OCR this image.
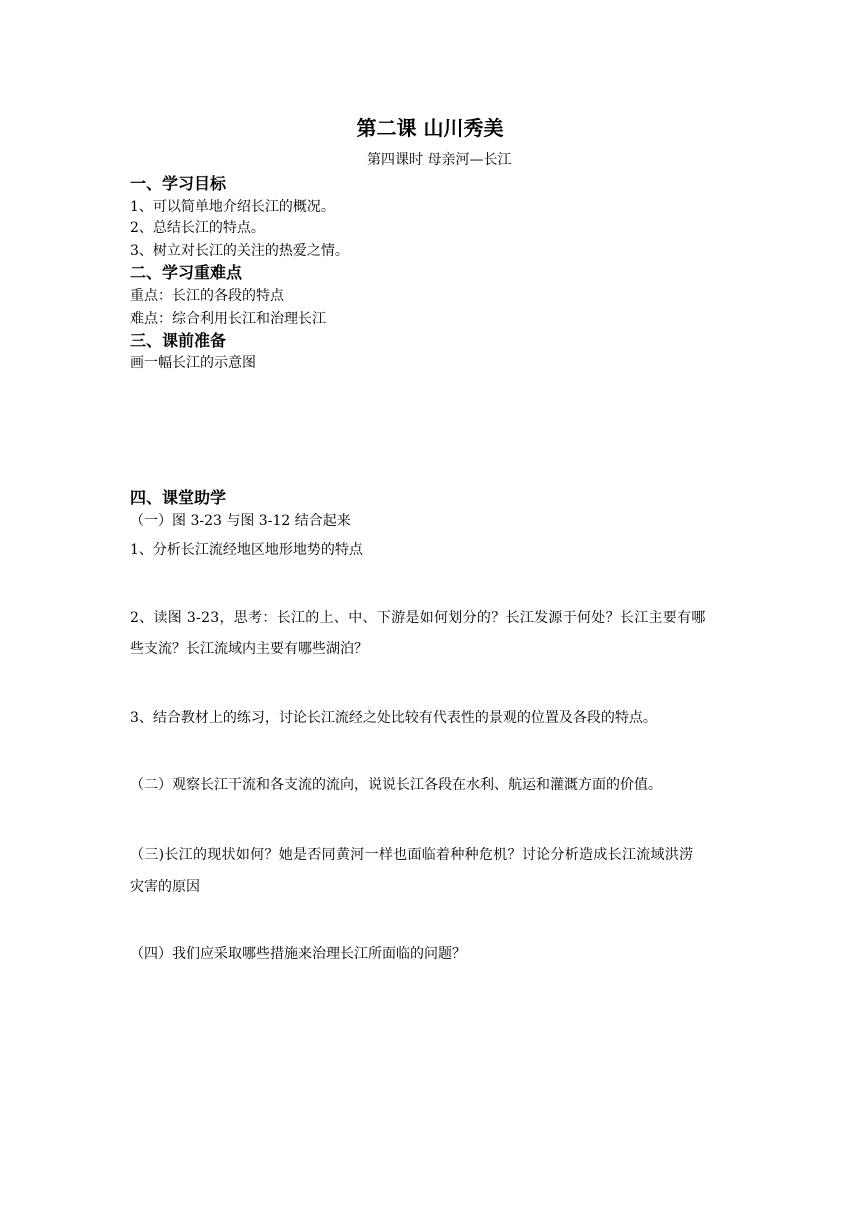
第二课 山川秀美
第四课时 母亲河—长江
一、学习目标
1、可以简单地介绍长江的概况。
2、总结长江的特点。
3、树立对长江的关注的热爱之情。
二、学习重难点
重点：长江的各段的特点
难点：综合利用长江和治理长江
三、课前准备
画一幅长江的示意图
四、课堂助学
（一）图 3-23 与图 3-12 结合起来
1、分析长江流经地区地形地势的特点
2、读图 3-23，思考：长江的上、中、下游是如何划分的？长江发源于何处？长江主要有哪
些支流？长江流域内主要有哪些湖泊？
3、结合教材上的练习，讨论长江流经之处比较有代表性的景观的位置及各段的特点。
（二）观察长江干流和各支流的流向，说说长江各段在水利、航运和灌溉方面的价值。
（三)长江的现状如何？她是否同黄河一样也面临着种种危机？讨论分析造成长江流域洪涝
灾害的原因
（四）我们应采取哪些措施来治理长江所面临的问题？
